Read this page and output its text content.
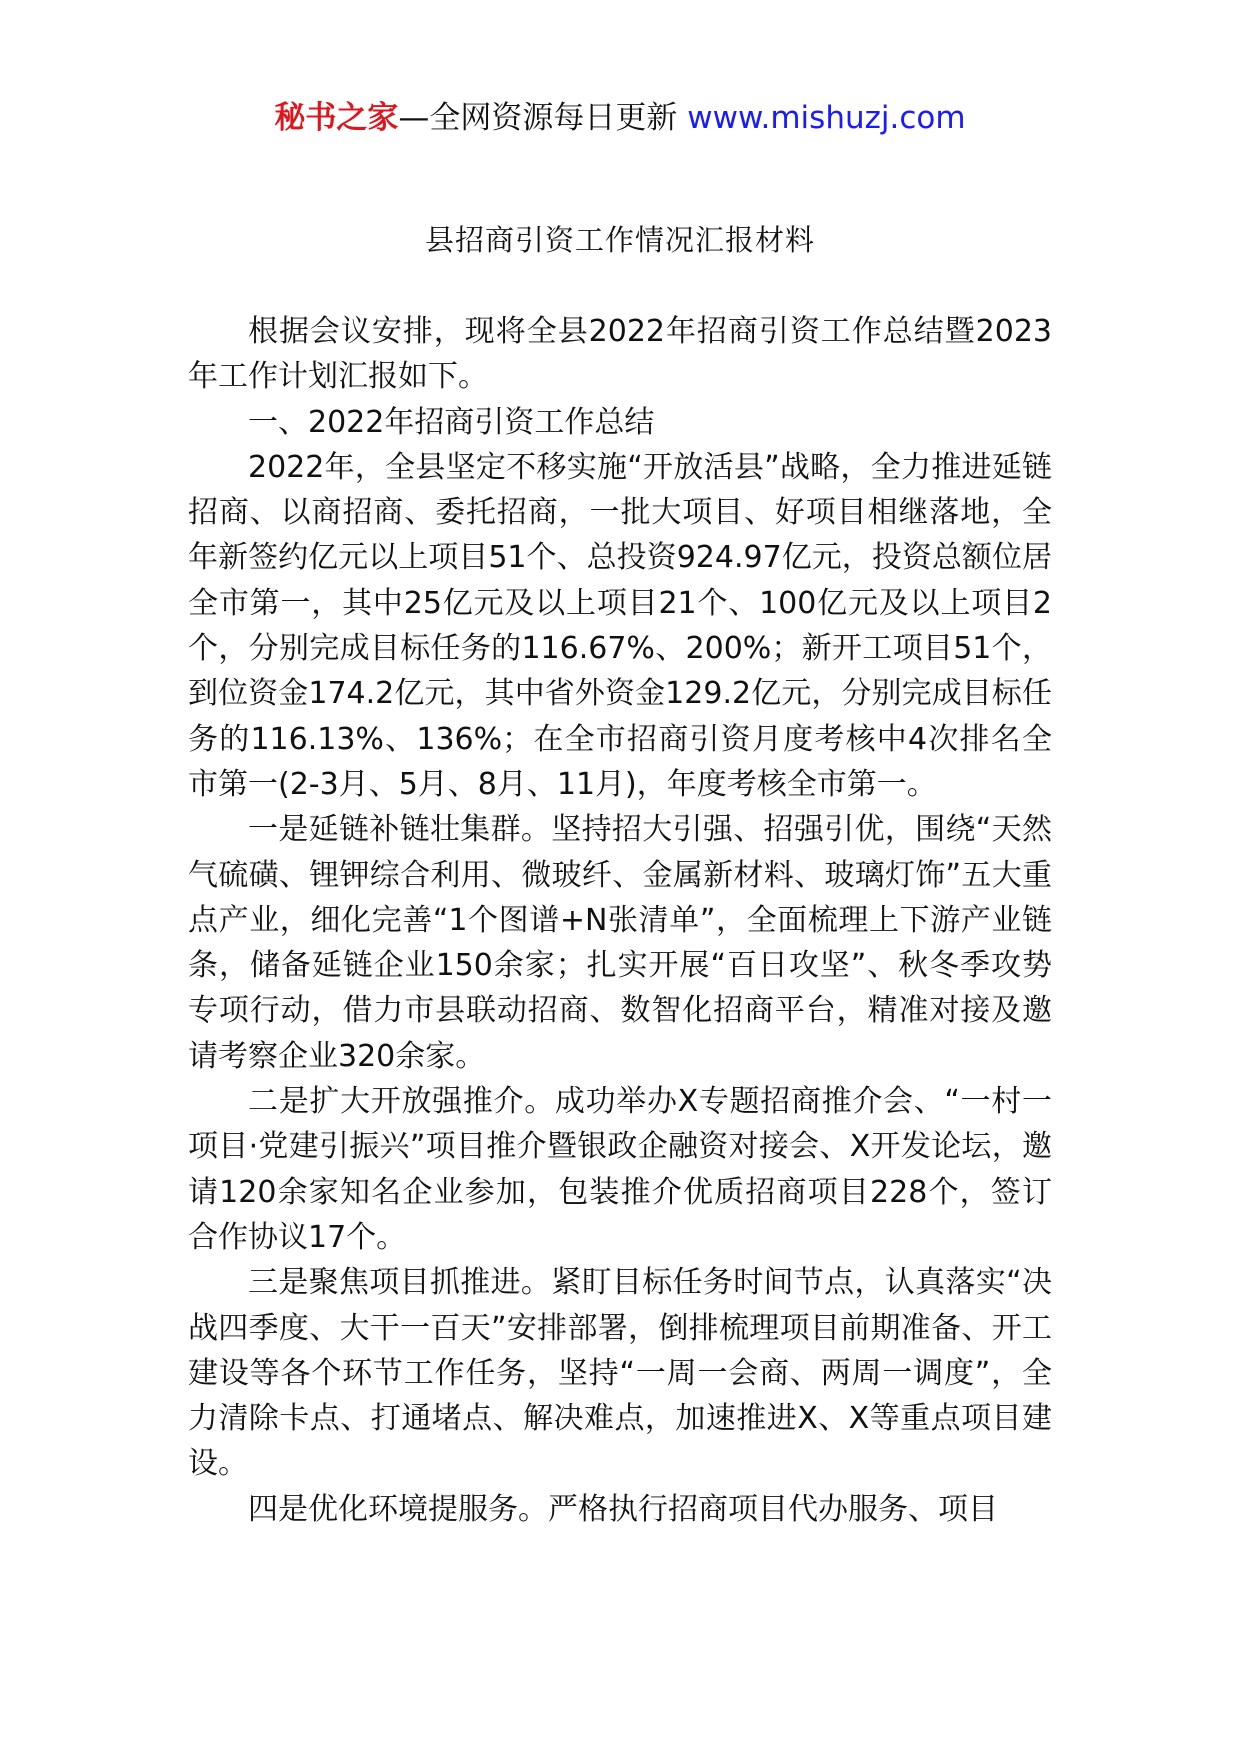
秘书之家—全网资源每日更新 www.mishuzj.com
县招商引资工作情况汇报材料

根据会议安排，现将全县2022年招商引资工作总结暨2023年工作计划汇报如下。

一、2022年招商引资工作总结

2022年，全县坚定不移实施“开放活县”战略，全力推进延链招商、以商招商、委托招商，一批大项目、好项目相继落地，全年新签约亿元以上项目51个、总投资924.97亿元，投资总额位居全市第一，其中25亿元及以上项目21个、100亿元及以上项目2个，分别完成目标任务的116.67%、200%；新开工项目51个，到位资金174.2亿元，其中省外资金129.2亿元，分别完成目标任务的116.13%、136%；在全市招商引资月度考核中4次排名全市第一(2-3月、5月、8月、11月)，年度考核全市第一。

一是延链补链壮集群。坚持招大引强、招强引优，围绕“天然气硫磺、锂钾综合利用、微玻纤、金属新材料、玻璃灯饰”五大重点产业，细化完善“1个图谱+N张清单”，全面梳理上下游产业链条，储备延链企业150余家；扎实开展“百日攻坚”、秋冬季攻势专项行动，借力市县联动招商、数智化招商平台，精准对接及邀请考察企业320余家。

二是扩大开放强推介。成功举办X专题招商推介会、“一村一项目·党建引振兴”项目推介暨银政企融资对接会、X开发论坛，邀请120余家知名企业参加，包装推介优质招商项目228个，签订合作协议17个。

三是聚焦项目抓推进。紧盯目标任务时间节点，认真落实“决战四季度、大干一百天”安排部署，倒排梳理项目前期准备、开工建设等各个环节工作任务，坚持“一周一会商、两周一调度”，全力清除卡点、打通堵点、解决难点，加速推进X、X等重点项目建设。

四是优化环境提服务。严格执行招商项目代办服务、项目
